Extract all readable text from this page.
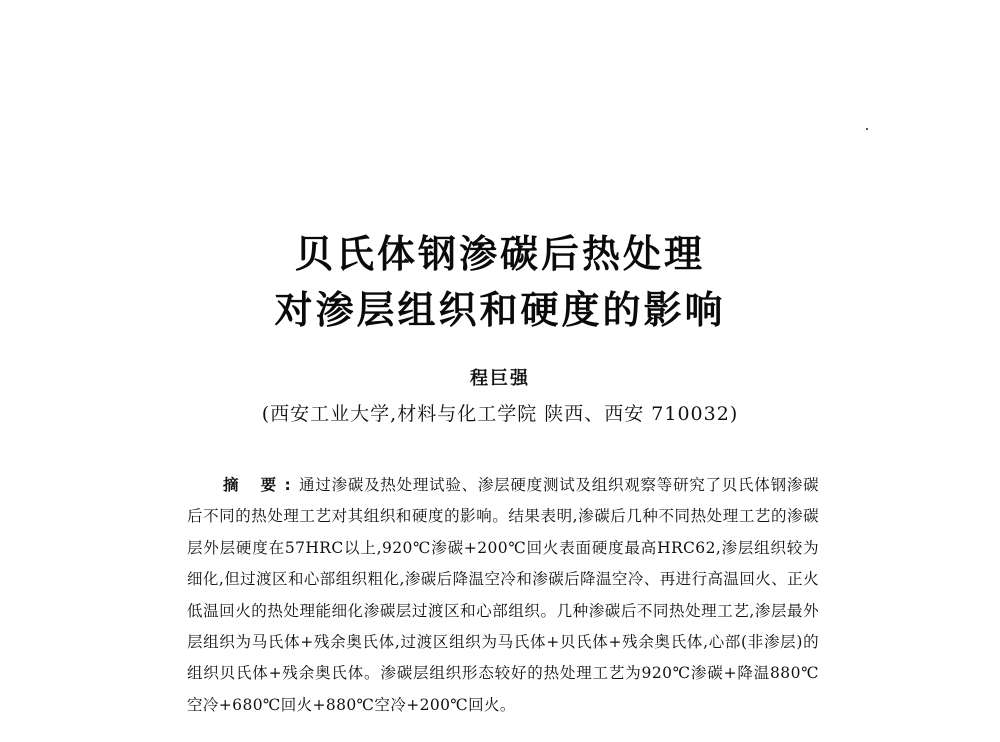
贝氏体钢渗碳后热处理
对渗层组织和硬度的影响
程巨强
(西安工业大学,材料与化工学院 陕西、西安 710032)
摘 要:通过渗碳及热处理试验、渗层硬度测试及组织观察等研究了贝氏体钢渗碳后不同的热处理工艺对其组织和硬度的影响。结果表明,渗碳后几种不同热处理工艺的渗碳层外层硬度在57HRC以上,920℃渗碳+200℃回火表面硬度最高HRC62,渗层组织较为细化,但过渡区和心部组织粗化,渗碳后降温空冷和渗碳后降温空冷、再进行高温回火、正火低温回火的热处理能细化渗碳层过渡区和心部组织。几种渗碳后不同热处理工艺,渗层最外层组织为马氏体+残余奥氏体,过渡区组织为马氏体+贝氏体+残余奥氏体,心部(非渗层)的组织贝氏体+残余奥氏体。渗碳层组织形态较好的热处理工艺为920℃渗碳+降温880℃空冷+680℃回火+880℃空冷+200℃回火。
